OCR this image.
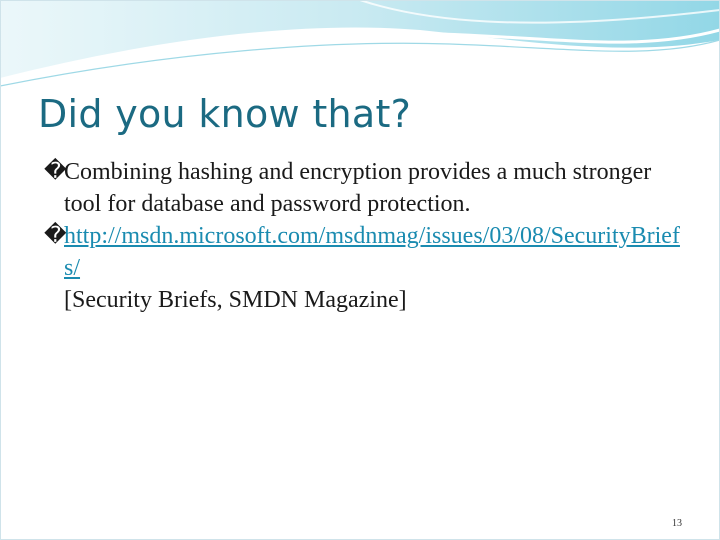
Did you know that?
�
Combining hashing and encryption provides a much stronger tool for database and password protection.
�
http://msdn.microsoft.com/msdnmag/issues/03/08/SecurityBriefs/
[Security Briefs, SMDN Magazine]
13
